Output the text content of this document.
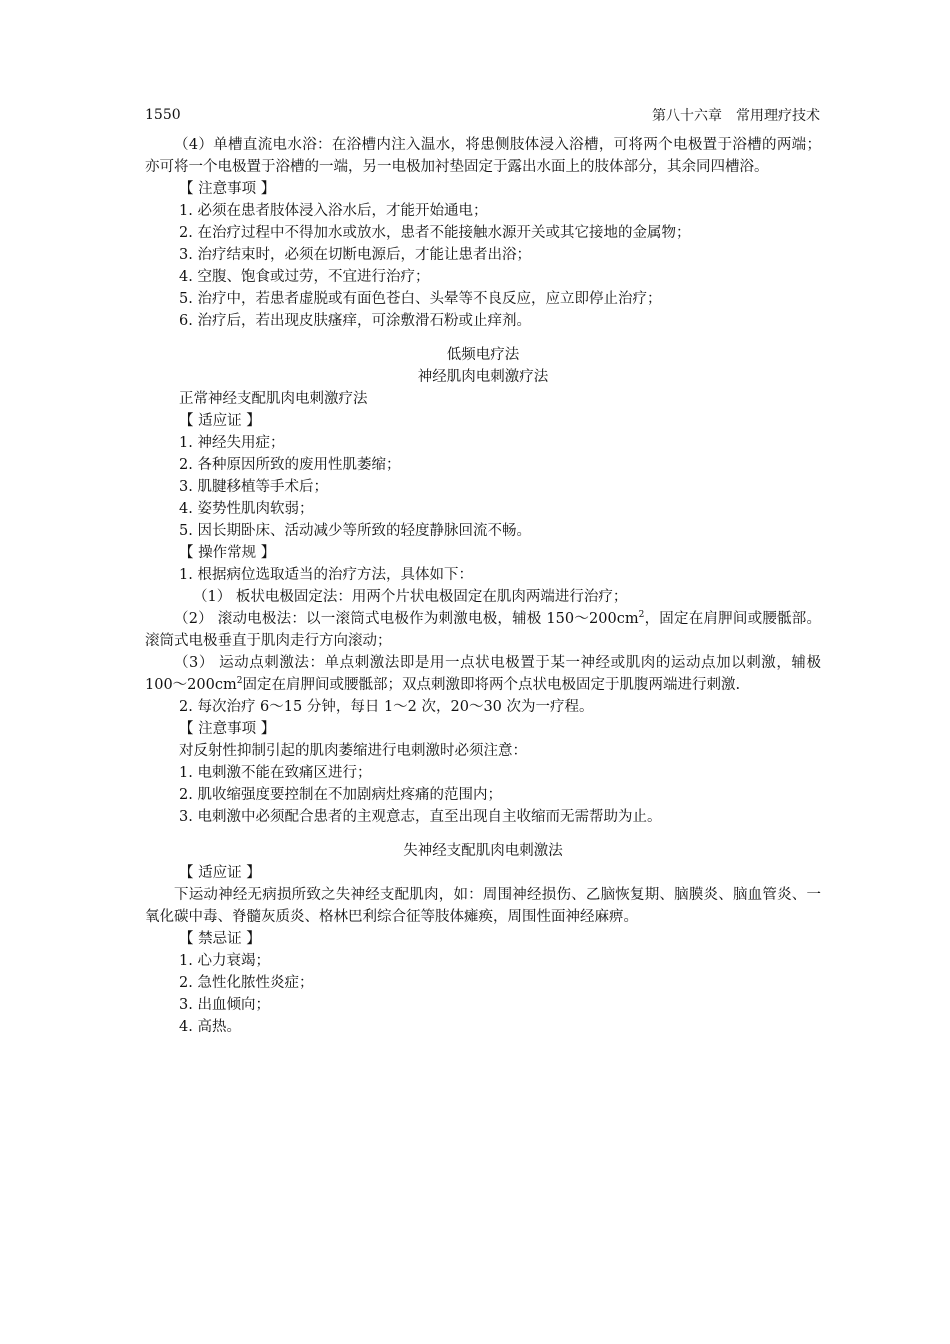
1550	第八十六章　常用理疗技术

（4）单槽直流电水浴：在浴槽内注入温水，将患侧肢体浸入浴槽，可将两个电极置于浴槽的两端；亦可将一个电极置于浴槽的一端，另一电极加衬垫固定于露出水面上的肢体部分，其余同四槽浴。

【 注意事项 】

1. 必须在患者肢体浸入浴水后，才能开始通电；

2. 在治疗过程中不得加水或放水，患者不能接触水源开关或其它接地的金属物；

3. 治疗结束时，必须在切断电源后，才能让患者出浴；

4. 空腹、饱食或过劳，不宜进行治疗；

5. 治疗中，若患者虚脱或有面色苍白、头晕等不良反应，应立即停止治疗；

6. 治疗后，若出现皮肤瘙痒，可涂敷滑石粉或止痒剂。

低频电疗法

神经肌肉电刺激疗法

正常神经支配肌肉电刺激疗法

【 适应证 】

1. 神经失用症；

2. 各种原因所致的废用性肌萎缩；

3. 肌腱移植等手术后；

4. 姿势性肌肉软弱；

5. 因长期卧床、活动减少等所致的轻度静脉回流不畅。

【 操作常规 】

1. 根据病位选取适当的治疗方法，具体如下：

（1） 板状电极固定法：用两个片状电极固定在肌肉两端进行治疗；

（2） 滚动电极法：以一滚筒式电极作为刺激电极，辅极 $150\sim 200cm^2$，固定在肩胛间或腰骶部。滚筒式电极垂直于肌肉走行方向滚动；

（3） 运动点刺激法：单点刺激法即是用一点状电极置于某一神经或肌肉的运动点加以刺激，辅极 $100\sim 200cm^2$固定在肩胛间或腰骶部；双点刺激即将两个点状电极固定于肌腹两端进行刺激.

2. 每次治疗 6～15 分钟，每日 1～2 次，20～30 次为一疗程。

【 注意事项 】

对反射性抑制引起的肌肉萎缩进行电刺激时必须注意：

1. 电刺激不能在致痛区进行；

2. 肌收缩强度要控制在不加剧病灶疼痛的范围内；

3. 电刺激中必须配合患者的主观意志，直至出现自主收缩而无需帮助为止。

失神经支配肌肉电刺激法

【 适应证 】

下运动神经无病损所致之失神经支配肌肉，如：周围神经损伤、乙脑恢复期、脑膜炎、脑血管炎、一氧化碳中毒、脊髓灰质炎、格林巴利综合征等肢体瘫痪，周围性面神经麻痹。

【 禁忌证 】

1. 心力衰竭；

2. 急性化脓性炎症；

3. 出血倾向；

4. 高热。
